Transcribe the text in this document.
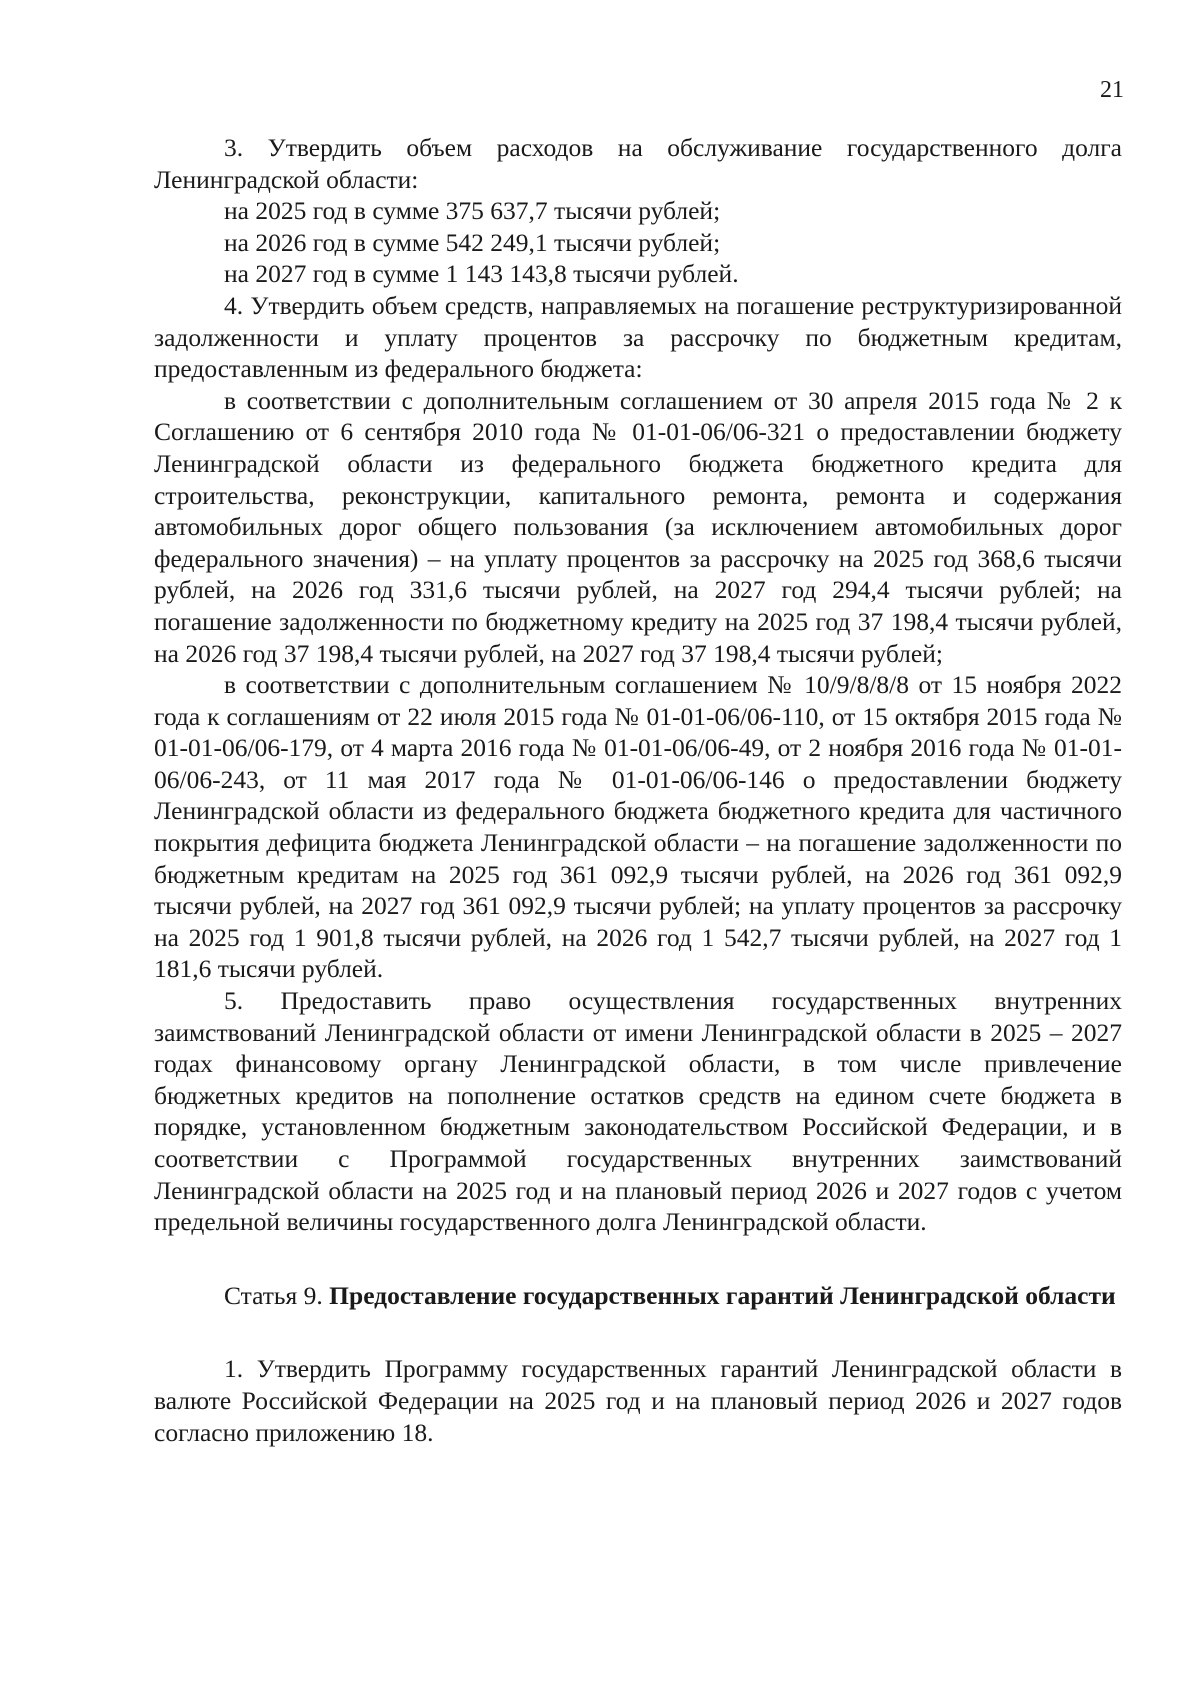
21

3. Утвердить объем расходов на обслуживание государственного долга Ленинградской области:

на 2025 год в сумме 375 637,7 тысячи рублей;

на 2026 год в сумме 542 249,1 тысячи рублей;

на 2027 год в сумме 1 143 143,8 тысячи рублей.

4. Утвердить объем средств, направляемых на погашение реструктуризированной задолженности и уплату процентов за рассрочку по бюджетным кредитам, предоставленным из федерального бюджета:

в соответствии с дополнительным соглашением от 30 апреля 2015 года № 2 к Соглашению от 6 сентября 2010 года № 01-01-06/06-321 о предоставлении бюджету Ленинградской области из федерального бюджета бюджетного кредита для строительства, реконструкции, капитального ремонта, ремонта и содержания автомобильных дорог общего пользования (за исключением автомобильных дорог федерального значения) – на уплату процентов за рассрочку на 2025 год 368,6 тысячи рублей, на 2026 год 331,6 тысячи рублей, на 2027 год 294,4 тысячи рублей; на погашение задолженности по бюджетному кредиту на 2025 год 37 198,4 тысячи рублей, на 2026 год 37 198,4 тысячи рублей, на 2027 год 37 198,4 тысячи рублей;

в соответствии с дополнительным соглашением № 10/9/8/8/8 от 15 ноября 2022 года к соглашениям от 22 июля 2015 года № 01-01-06/06-110, от 15 октября 2015 года № 01-01-06/06-179, от 4 марта 2016 года № 01-01-06/06-49, от 2 ноября 2016 года № 01-01-06/06-243, от 11 мая 2017 года № 01-01-06/06-146 о предоставлении бюджету Ленинградской области из федерального бюджета бюджетного кредита для частичного покрытия дефицита бюджета Ленинградской области – на погашение задолженности по бюджетным кредитам на 2025 год 361 092,9 тысячи рублей, на 2026 год 361 092,9 тысячи рублей, на 2027 год 361 092,9 тысячи рублей; на уплату процентов за рассрочку на 2025 год 1 901,8 тысячи рублей, на 2026 год 1 542,7 тысячи рублей, на 2027 год 1 181,6 тысячи рублей.

5. Предоставить право осуществления государственных внутренних заимствований Ленинградской области от имени Ленинградской области в 2025 – 2027 годах финансовому органу Ленинградской области, в том числе привлечение бюджетных кредитов на пополнение остатков средств на едином счете бюджета в порядке, установленном бюджетным законодательством Российской Федерации, и в соответствии с Программой государственных внутренних заимствований Ленинградской области на 2025 год и на плановый период 2026 и 2027 годов с учетом предельной величины государственного долга Ленинградской области.

Статья 9. Предоставление государственных гарантий Ленинградской области

1. Утвердить Программу государственных гарантий Ленинградской области в валюте Российской Федерации на 2025 год и на плановый период 2026 и 2027 годов согласно приложению 18.
